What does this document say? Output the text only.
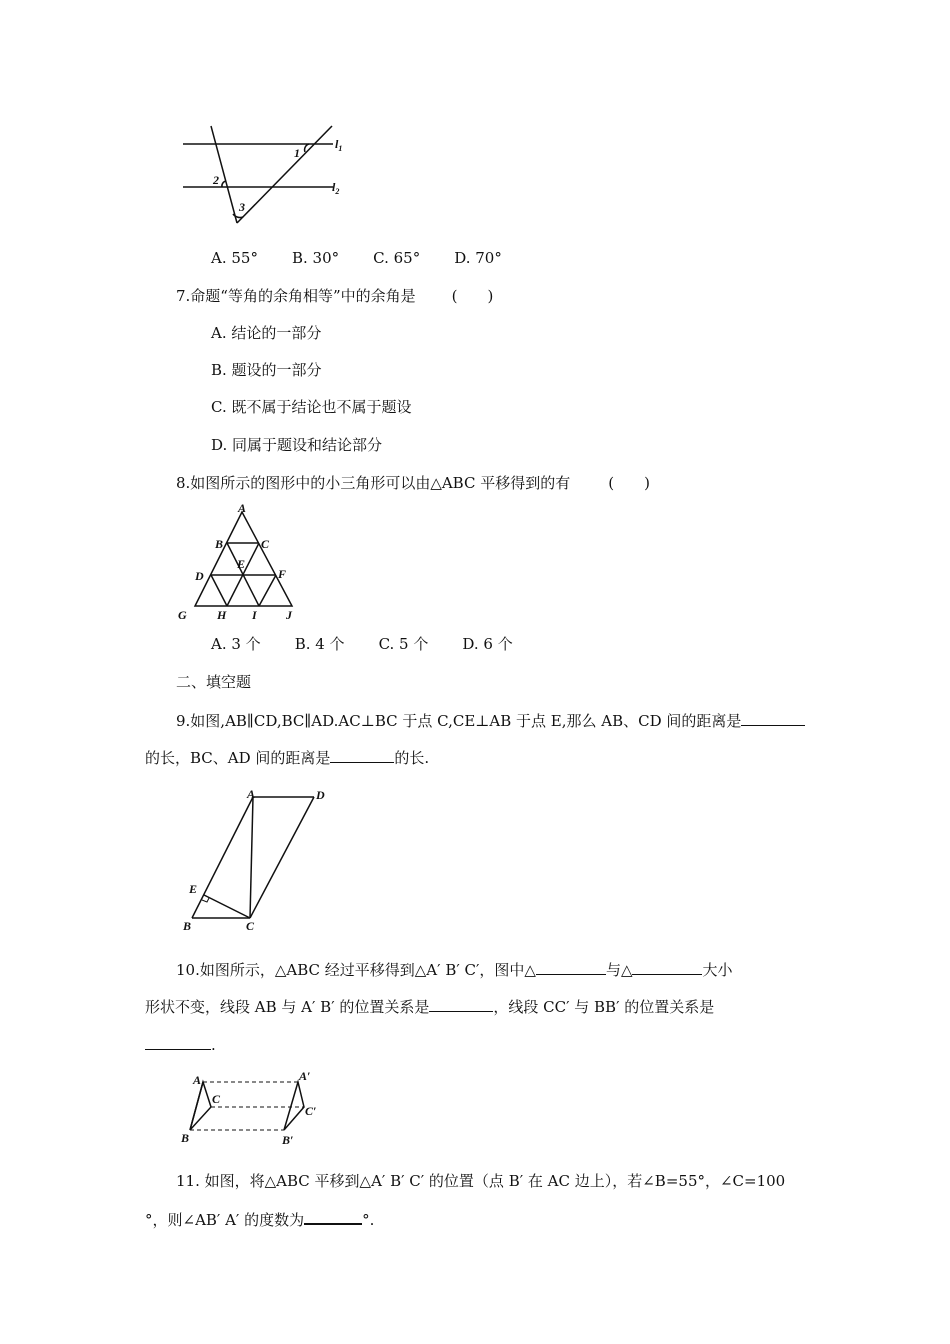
1
2
3
$l_1$
$l_2$
A. 55° B. 30° C. 65° D. 70°
7.命题“等角的余角相等”中的余角是 (　　)
A. 结论的一部分
B. 题设的一部分
C. 既不属于结论也不属于题设
D. 同属于题设和结论部分
8.如图所示的图形中的小三角形可以由△ABC 平移得到的有	(　　)
A
B	C
D
E
F
G	H I J
A. 3 个 B. 4 个 C. 5 个 D. 6 个
二、填空题
9.如图,AB∥CD,BC∥AD.AC⊥BC 于点 C,CE⊥AB 于点 E,那么 AB、CD 间的距离是
的长，BC、AD 间的距离是	的长.
A	D
E
B	C
10.如图所示，△ABC 经过平移得到△A′ B′ C′，图中△	与△	大小
形状不变，线段 AB 与 A′ B′ 的位置关系是	，线段 CC′ 与 BB′ 的位置关系是
.
A
C
B
A′
C′
B′
11. 如图，将△ABC 平移到△A′ B′ C′ 的位置（点 B′ 在 AC 边上），若∠B=55°，∠C=100
°，则∠AB′ A′ 的度数为	°.
